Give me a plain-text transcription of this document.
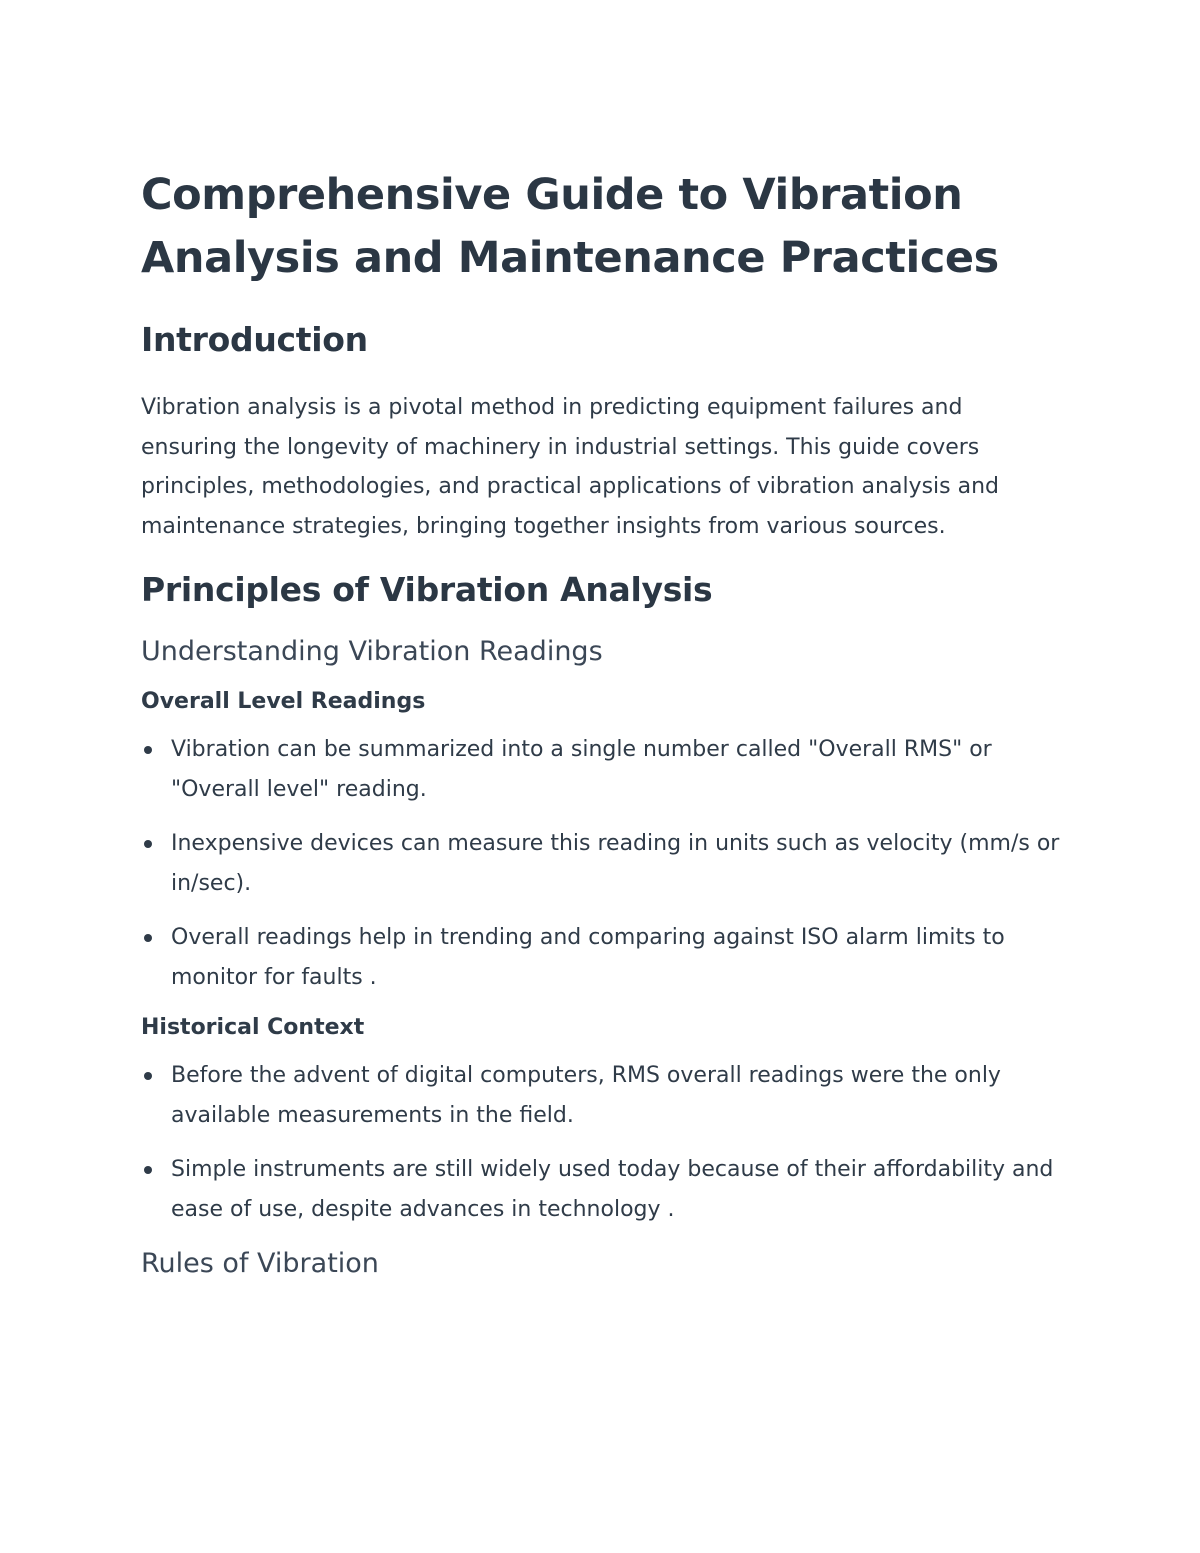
Comprehensive Guide to Vibration Analysis and Maintenance Practices
Introduction

Vibration analysis is a pivotal method in predicting equipment failures and ensuring the longevity of machinery in industrial settings. This guide covers principles, methodologies, and practical applications of vibration analysis and maintenance strategies, bringing together insights from various sources.

Principles of Vibration Analysis
Understanding Vibration Readings
Overall Level Readings
Vibration can be summarized into a single number called "Overall RMS" or "Overall level" reading.
Inexpensive devices can measure this reading in units such as velocity (mm/s or in/sec).
Overall readings help in trending and comparing against ISO alarm limits to monitor for faults .
Historical Context
Before the advent of digital computers, RMS overall readings were the only available measurements in the field.
Simple instruments are still widely used today because of their affordability and ease of use, despite advances in technology .
Rules of Vibration
